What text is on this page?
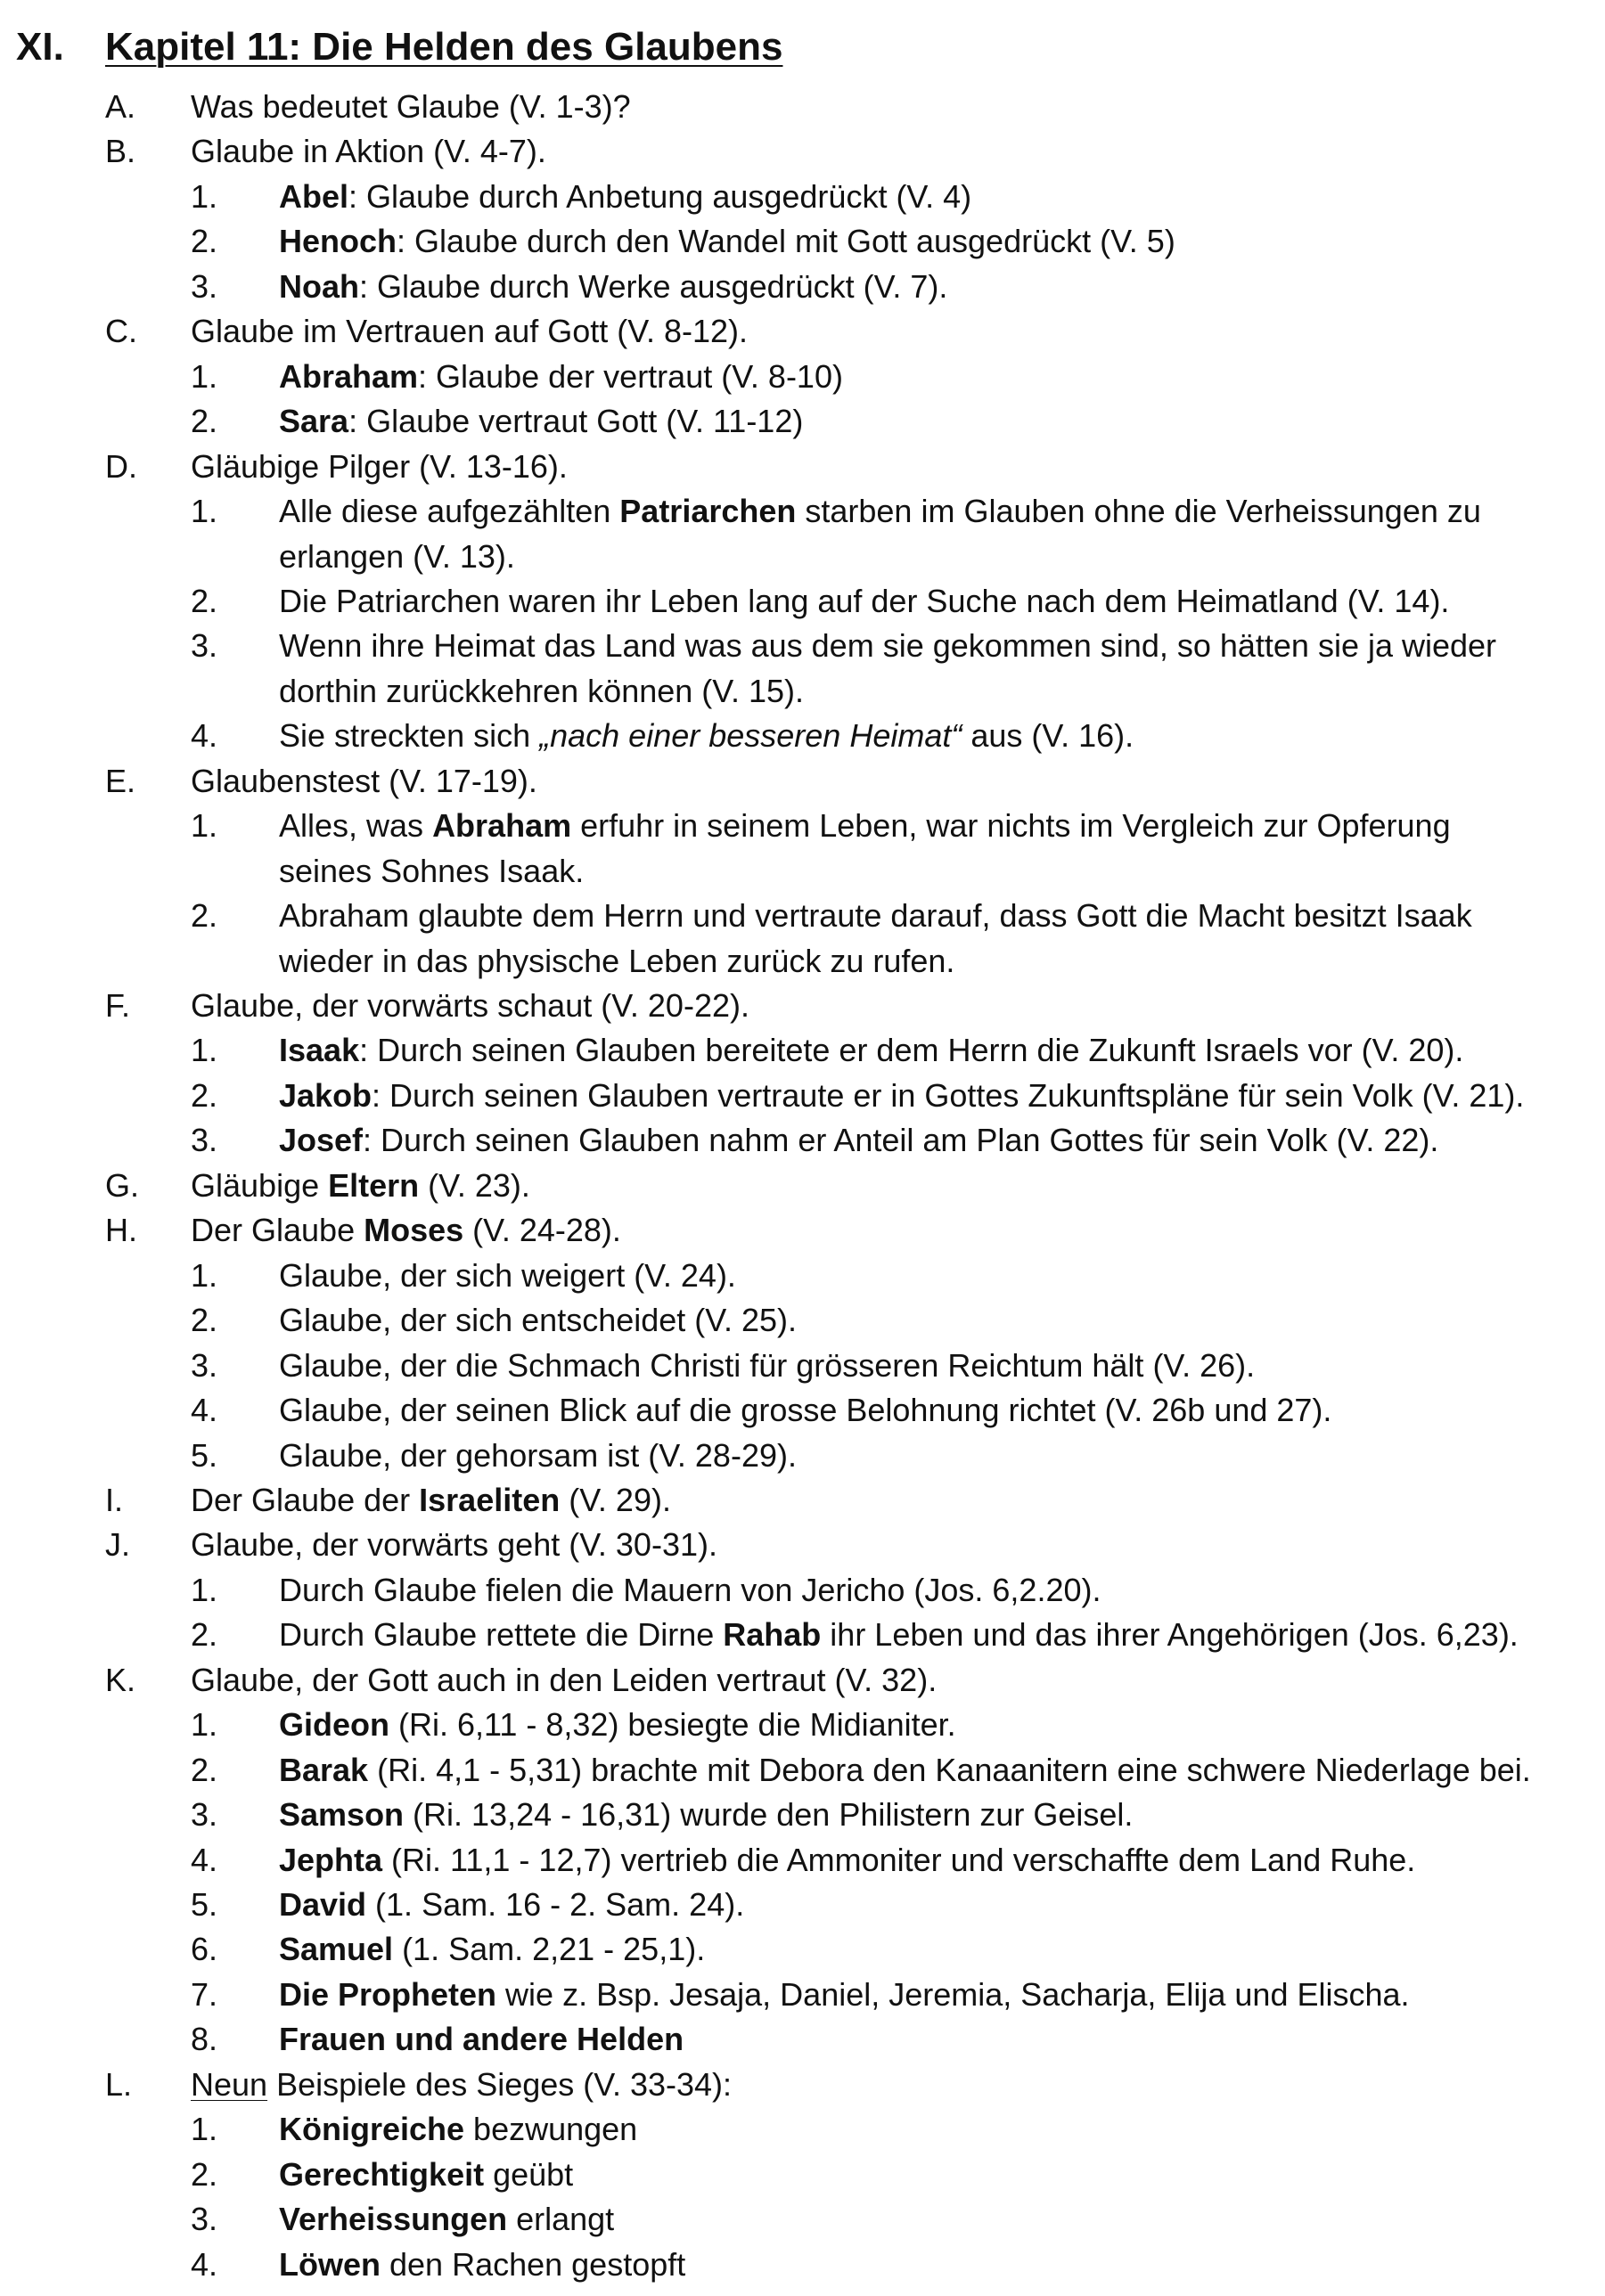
XI. Kapitel 11: Die Helden des Glaubens
A. Was bedeutet Glaube (V. 1-3)?
B. Glaube in Aktion (V. 4-7).
1. Abel: Glaube durch Anbetung ausgedrückt (V. 4)
2. Henoch: Glaube durch den Wandel mit Gott ausgedrückt (V. 5)
3. Noah: Glaube durch Werke ausgedrückt (V. 7).
C. Glaube im Vertrauen auf Gott (V. 8-12).
1. Abraham: Glaube der vertraut (V. 8-10)
2. Sara: Glaube vertraut Gott (V. 11-12)
D. Gläubige Pilger (V. 13-16).
1. Alle diese aufgezählten Patriarchen starben im Glauben ohne die Verheissungen zu
erlangen (V. 13).
2. Die Patriarchen waren ihr Leben lang auf der Suche nach dem Heimatland (V. 14).
3. Wenn ihre Heimat das Land was aus dem sie gekommen sind, so hätten sie ja wieder
dorthin zurückkehren können (V. 15).
4. Sie streckten sich „nach einer besseren Heimat“ aus (V. 16).
E. Glaubenstest (V. 17-19).
1. Alles, was Abraham erfuhr in seinem Leben, war nichts im Vergleich zur Opferung
seines Sohnes Isaak.
2. Abraham glaubte dem Herrn und vertraute darauf, dass Gott die Macht besitzt Isaak
wieder in das physische Leben zurück zu rufen.
F. Glaube, der vorwärts schaut (V. 20-22).
1. Isaak: Durch seinen Glauben bereitete er dem Herrn die Zukunft Israels vor (V. 20).
2. Jakob: Durch seinen Glauben vertraute er in Gottes Zukunftspläne für sein Volk (V. 21).
3. Josef: Durch seinen Glauben nahm er Anteil am Plan Gottes für sein Volk (V. 22).
G. Gläubige Eltern (V. 23).
H. Der Glaube Moses (V. 24-28).
1. Glaube, der sich weigert (V. 24).
2. Glaube, der sich entscheidet (V. 25).
3. Glaube, der die Schmach Christi für grösseren Reichtum hält (V. 26).
4. Glaube, der seinen Blick auf die grosse Belohnung richtet (V. 26b und 27).
5. Glaube, der gehorsam ist (V. 28-29).
I. Der Glaube der Israeliten (V. 29).
J. Glaube, der vorwärts geht (V. 30-31).
1. Durch Glaube fielen die Mauern von Jericho (Jos. 6,2.20).
2. Durch Glaube rettete die Dirne Rahab ihr Leben und das ihrer Angehörigen (Jos. 6,23).
K. Glaube, der Gott auch in den Leiden vertraut (V. 32).
1. Gideon (Ri. 6,11 - 8,32) besiegte die Midianiter.
2. Barak (Ri. 4,1 - 5,31) brachte mit Debora den Kanaanitern eine schwere Niederlage bei.
3. Samson (Ri. 13,24 - 16,31) wurde den Philistern zur Geisel.
4. Jephta (Ri. 11,1 - 12,7) vertrieb die Ammoniter und verschaffte dem Land Ruhe.
5. David (1. Sam. 16 - 2. Sam. 24).
6. Samuel (1. Sam. 2,21 - 25,1).
7. Die Propheten wie z. Bsp. Jesaja, Daniel, Jeremia, Sacharja, Elija und Elischa.
8. Frauen und andere Helden
L. Neun Beispiele des Sieges (V. 33-34):
1. Königreiche bezwungen
2. Gerechtigkeit geübt
3. Verheissungen erlangt
4. Löwen den Rachen gestopft
